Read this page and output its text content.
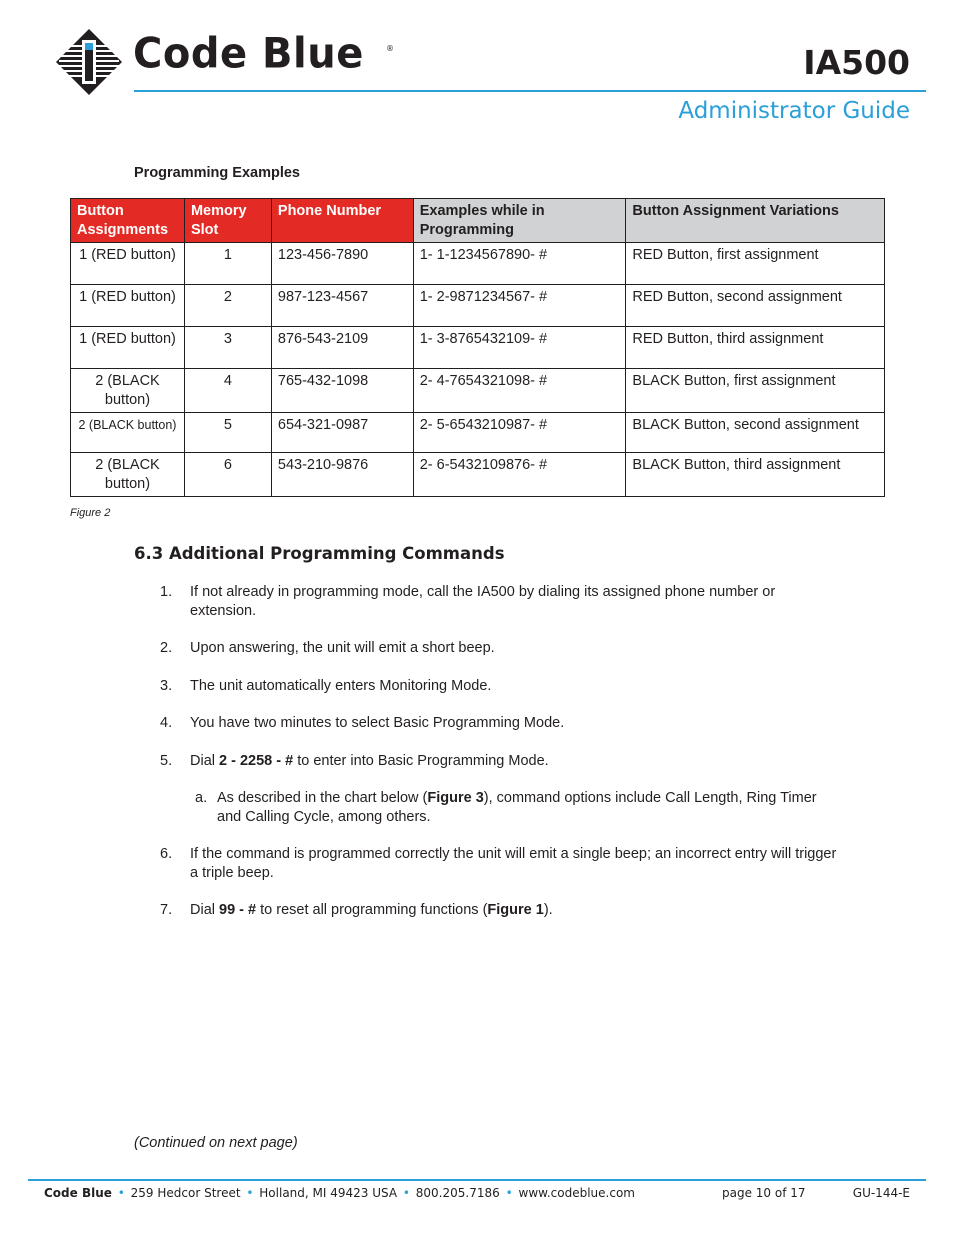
Code Blue	®	IA500
Administrator Guide
Programming Examples
Button Assignments	Memory Slot	Phone Number	Examples while in Programming	Button Assignment Variations
1 (RED button)	1	123-456-7890	1- 1-1234567890- #	RED Button, first assignment
1 (RED button)	2	987-123-4567	1- 2-9871234567- #	RED Button, second assignment
1 (RED button)	3	876-543-2109	1- 3-8765432109- #	RED Button, third assignment
2 (BLACK button)	4	765-432-1098	2- 4-7654321098- #	BLACK Button, first assignment
2 (BLACK button)	5	654-321-0987	2- 5-6543210987- #	BLACK Button, second assignment
2 (BLACK button)	6	543-210-9876	2- 6-5432109876- #	BLACK Button, third assignment
Figure 2
6.3 Additional Programming Commands
1. If not already in programming mode, call the IA500 by dialing its assigned phone number or extension.
2. Upon answering, the unit will emit a short beep.
3. The unit automatically enters Monitoring Mode.
4. You have two minutes to select Basic Programming Mode.
5. Dial 2 - 2258 - # to enter into Basic Programming Mode.
a. As described in the chart below (Figure 3), command options include Call Length, Ring Timer and Calling Cycle, among others.
6. If the command is programmed correctly the unit will emit a single beep; an incorrect entry will trigger a triple beep.
7. Dial 99 - # to reset all programming functions (Figure 1).
(Continued on next page)
Code Blue • 259 Hedcor Street • Holland, MI 49423 USA • 800.205.7186 • www.codeblue.com	page 10 of 17	GU-144-E
